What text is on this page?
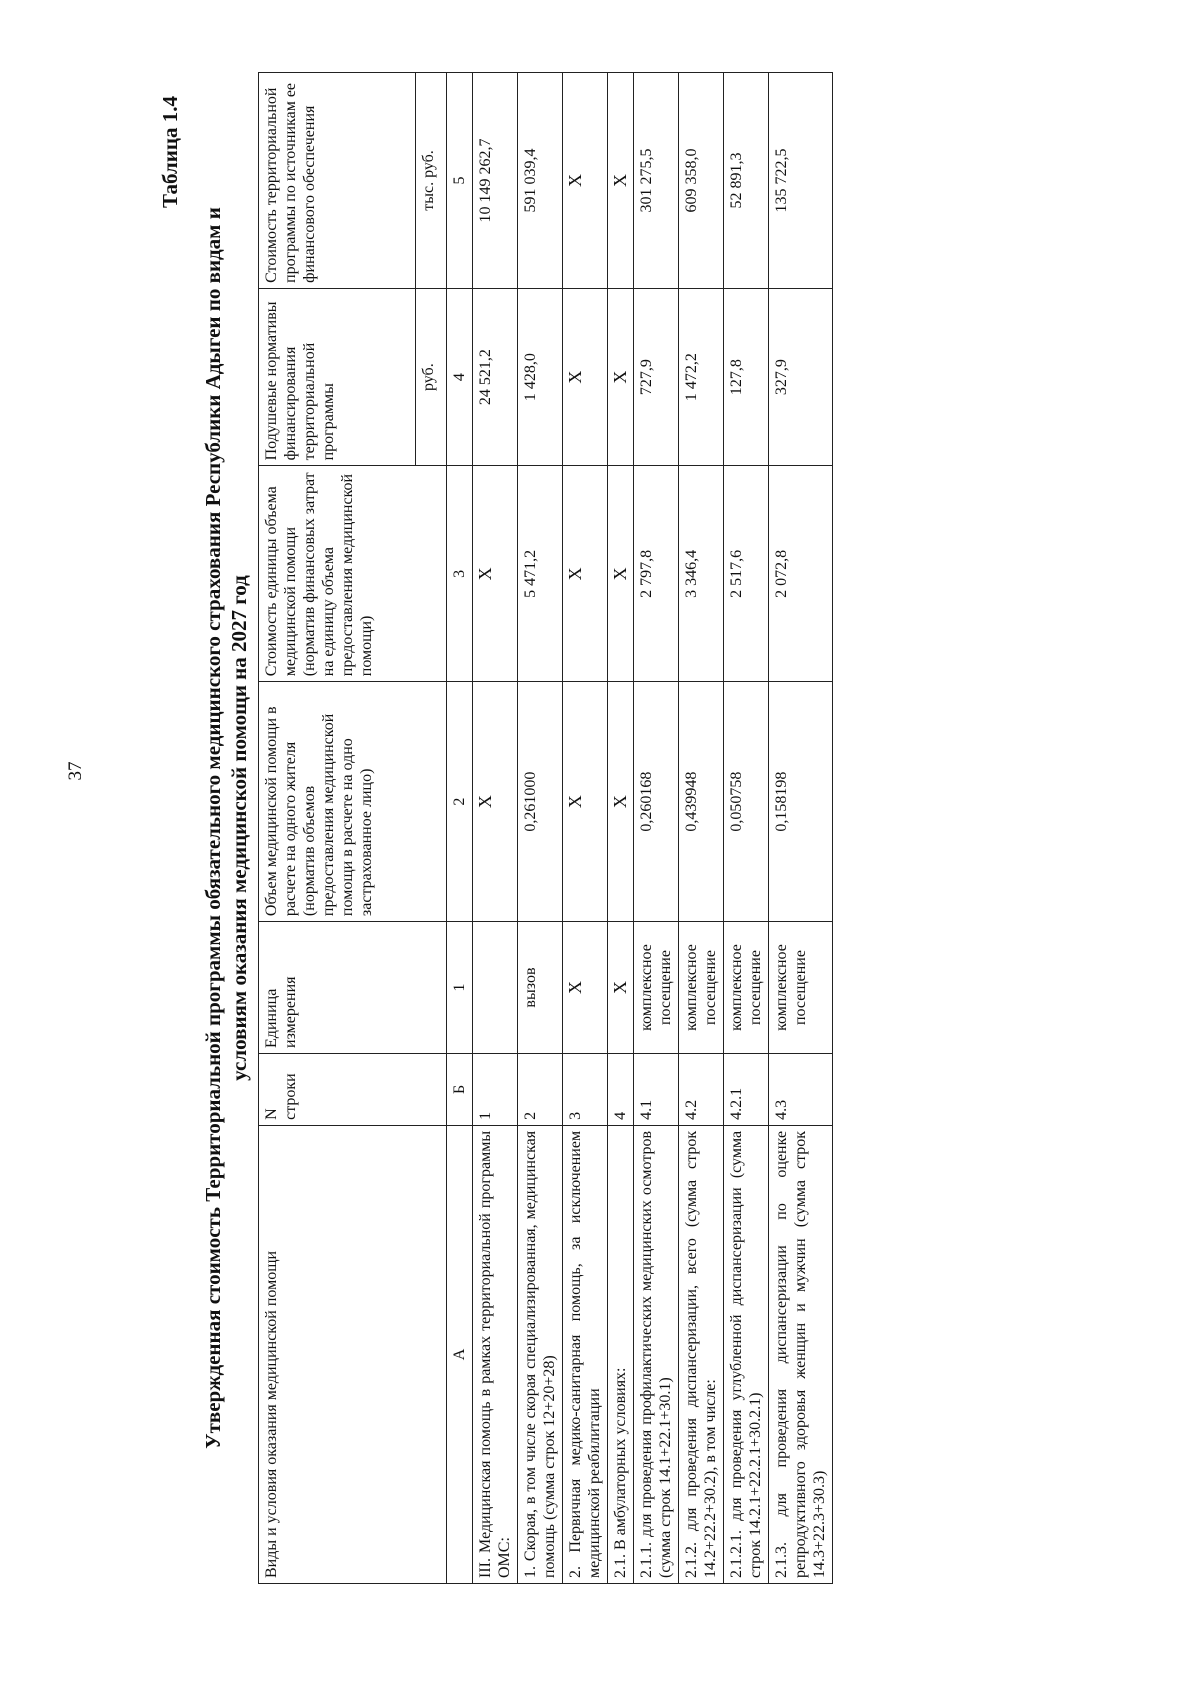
37
Таблица 1.4
Утвержденная стоимость Территориальной программы обязательного медицинского страхования Республики Адыгеи по видам и условиям оказания медицинской помощи на 2027 год
Виды и условия оказания медицинской помощи	N строки	Единица измерения	Объем медицинской помощи в расчете на одного жителя (норматив объемов предоставления медицинской помощи в расчете на одно застрахованное лицо)	Стоимость единицы объема медицинской помощи (норматив финансовых затрат на единицу объема предоставления медицинской помощи)	Подушевые нормативы финансирования территориальной программы	Стоимость территориальной программы по источникам ее финансового обеспечения
					руб.	тыс. руб.
А	Б	1	2	3	4	5
III. Медицинская помощь в рамках территориальной программы ОМС:	1		Х	Х	24 521,2	10 149 262,7
1. Скорая, в том числе скорая специализированная, медицинская помощь (сумма строк 12+20+28)	2	вызов	0,261000	5 471,2	1 428,0	591 039,4
2. Первичная медико-санитарная помощь, за исключением медицинской реабилитации	3	Х	Х	Х	Х	Х
2.1. В амбулаторных условиях:	4	Х	Х	Х	Х	Х
2.1.1. для проведения профилактических медицинских осмотров (сумма строк 14.1+22.1+30.1)	4.1	комплексное посещение	0,260168	2 797,8	727,9	301 275,5
2.1.2. для проведения диспансеризации, всего (сумма строк 14.2+22.2+30.2), в том числе:	4.2	комплексное посещение	0,439948	3 346,4	1 472,2	609 358,0
2.1.2.1. для проведения углубленной диспансеризации (сумма строк 14.2.1+22.2.1+30.2.1)	4.2.1	комплексное посещение	0,050758	2 517,6	127,8	52 891,3
2.1.3. для проведения диспансеризации по оценке репродуктивного здоровья женщин и мужчин (сумма строк 14.3+22.3+30.3)	4.3	комплексное посещение	0,158198	2 072,8	327,9	135 722,5
